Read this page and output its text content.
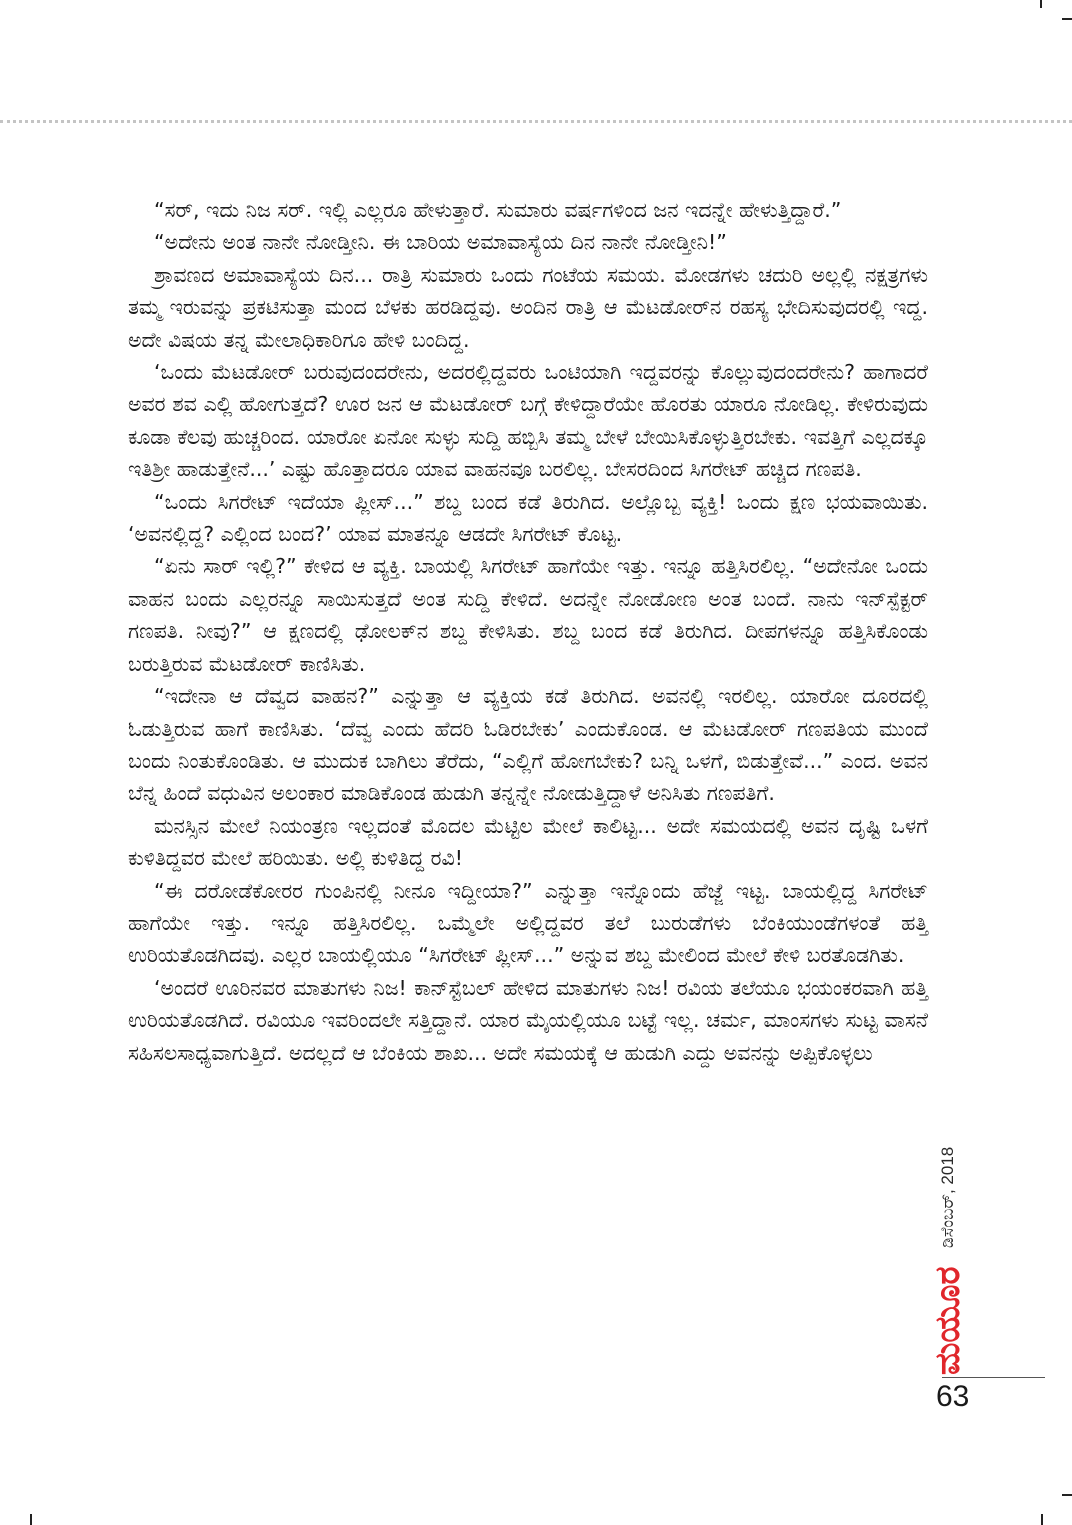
“ಸರ್, ಇದು ನಿಜ ಸರ್. ಇಲ್ಲಿ ಎಲ್ಲರೂ ಹೇಳುತ್ತಾರೆ. ಸುಮಾರು ವರ್ಷಗಳಿಂದ ಜನ ಇದನ್ನೇ ಹೇಳುತ್ತಿದ್ದಾರೆ.”

“ಅದೇನು ಅಂತ ನಾನೇ ನೋಡ್ತೀನಿ. ಈ ಬಾರಿಯ ಅಮಾವಾಸ್ಯೆಯ ದಿನ ನಾನೇ ನೋಡ್ತೀನಿ!”

ಶ್ರಾವಣದ ಅಮಾವಾಸ್ಯೆಯ ದಿನ... ರಾತ್ರಿ ಸುಮಾರು ಒಂದು ಗಂಟೆಯ ಸಮಯ. ಮೋಡಗಳು ಚದುರಿ ಅಲ್ಲಲ್ಲಿ ನಕ್ಷತ್ರಗಳು ತಮ್ಮ ಇರುವನ್ನು ಪ್ರಕಟಿಸುತ್ತಾ ಮಂದ ಬೆಳಕು ಹರಡಿದ್ದವು. ಅಂದಿನ ರಾತ್ರಿ ಆ ಮೆಟಡೋರ್‌ನ ರಹಸ್ಯ ಭೇದಿಸುವುದರಲ್ಲಿ ಇದ್ದ. ಅದೇ ವಿಷಯ ತನ್ನ ಮೇಲಾಧಿಕಾರಿಗೂ ಹೇಳಿ ಬಂದಿದ್ದ.

‘ಒಂದು ಮೆಟಡೋರ್ ಬರುವುದಂದರೇನು, ಅದರಲ್ಲಿದ್ದವರು ಒಂಟಿಯಾಗಿ ಇದ್ದವರನ್ನು ಕೊಲ್ಲುವುದಂದರೇನು? ಹಾಗಾದರೆ ಅವರ ಶವ ಎಲ್ಲಿ ಹೋಗುತ್ತದೆ? ಊರ ಜನ ಆ ಮೆಟಡೋರ್ ಬಗ್ಗೆ ಕೇಳಿದ್ದಾರೆಯೇ ಹೊರತು ಯಾರೂ ನೋಡಿಲ್ಲ. ಕೇಳಿರುವುದು ಕೂಡಾ ಕೆಲವು ಹುಚ್ಚರಿಂದ. ಯಾರೋ ಏನೋ ಸುಳ್ಳು ಸುದ್ದಿ ಹಬ್ಬಿಸಿ ತಮ್ಮ ಬೇಳೆ ಬೇಯಿಸಿಕೊಳ್ಳುತ್ತಿರಬೇಕು. ಇವತ್ತಿಗೆ ಎಲ್ಲದಕ್ಕೂ ಇತಿಶ್ರೀ ಹಾಡುತ್ತೇನೆ...’ ಎಷ್ಟು ಹೊತ್ತಾದರೂ ಯಾವ ವಾಹನವೂ ಬರಲಿಲ್ಲ. ಬೇಸರದಿಂದ ಸಿಗರೇಟ್ ಹಚ್ಚಿದ ಗಣಪತಿ.

“ಒಂದು ಸಿಗರೇಟ್ ಇದೆಯಾ ಪ್ಲೀಸ್...” ಶಬ್ದ ಬಂದ ಕಡೆ ತಿರುಗಿದ. ಅಲ್ಲೊಬ್ಬ ವ್ಯಕ್ತಿ! ಒಂದು ಕ್ಷಣ ಭಯವಾಯಿತು. ‘ಅವನಲ್ಲಿದ್ದ? ಎಲ್ಲಿಂದ ಬಂದ?’ ಯಾವ ಮಾತನ್ನೂ ಆಡದೇ ಸಿಗರೇಟ್ ಕೊಟ್ಟ.

“ಏನು ಸಾರ್ ಇಲ್ಲಿ?” ಕೇಳಿದ ಆ ವ್ಯಕ್ತಿ. ಬಾಯಲ್ಲಿ ಸಿಗರೇಟ್ ಹಾಗೆಯೇ ಇತ್ತು. ಇನ್ನೂ ಹತ್ತಿಸಿರಲಿಲ್ಲ. “ಅದೇನೋ ಒಂದು ವಾಹನ ಬಂದು ಎಲ್ಲರನ್ನೂ ಸಾಯಿಸುತ್ತದೆ ಅಂತ ಸುದ್ದಿ ಕೇಳಿದೆ. ಅದನ್ನೇ ನೋಡೋಣ ಅಂತ ಬಂದೆ. ನಾನು ಇನ್‌ಸ್ಪೆಕ್ಟರ್ ಗಣಪತಿ. ನೀವು?” ಆ ಕ್ಷಣದಲ್ಲಿ ಢೋಲಕ್‌ನ ಶಬ್ದ ಕೇಳಿಸಿತು. ಶಬ್ದ ಬಂದ ಕಡೆ ತಿರುಗಿದ. ದೀಪಗಳನ್ನೂ ಹತ್ತಿಸಿಕೊಂಡು ಬರುತ್ತಿರುವ ಮೆಟಡೋರ್ ಕಾಣಿಸಿತು.

“ಇದೇನಾ ಆ ದೆವ್ವದ ವಾಹನ?” ಎನ್ನುತ್ತಾ ಆ ವ್ಯಕ್ತಿಯ ಕಡೆ ತಿರುಗಿದ. ಅವನಲ್ಲಿ ಇರಲಿಲ್ಲ. ಯಾರೋ ದೂರದಲ್ಲಿ ಓಡುತ್ತಿರುವ ಹಾಗೆ ಕಾಣಿಸಿತು. ‘ದೆವ್ವ ಎಂದು ಹೆದರಿ ಓಡಿರಬೇಕು’ ಎಂದುಕೊಂಡ. ಆ ಮೆಟಡೋರ್ ಗಣಪತಿಯ ಮುಂದೆ ಬಂದು ನಿಂತುಕೊಂಡಿತು. ಆ ಮುದುಕ ಬಾಗಿಲು ತೆರೆದು, “ಎಲ್ಲಿಗೆ ಹೋಗಬೇಕು? ಬನ್ನಿ ಒಳಗೆ, ಬಿಡುತ್ತೇವೆ...” ಎಂದ. ಅವನ ಬೆನ್ನ ಹಿಂದೆ ವಧುವಿನ ಅಲಂಕಾರ ಮಾಡಿಕೊಂಡ ಹುಡುಗಿ ತನ್ನನ್ನೇ ನೋಡುತ್ತಿದ್ದಾಳೆ ಅನಿಸಿತು ಗಣಪತಿಗೆ.

ಮನಸ್ಸಿನ ಮೇಲೆ ನಿಯಂತ್ರಣ ಇಲ್ಲದಂತೆ ಮೊದಲ ಮೆಟ್ಟಿಲ ಮೇಲೆ ಕಾಲಿಟ್ಟ... ಅದೇ ಸಮಯದಲ್ಲಿ ಅವನ ದೃಷ್ಟಿ ಒಳಗೆ ಕುಳಿತಿದ್ದವರ ಮೇಲೆ ಹರಿಯಿತು. ಅಲ್ಲಿ ಕುಳಿತಿದ್ದ ರವಿ!

“ಈ ದರೋಡೆಕೋರರ ಗುಂಪಿನಲ್ಲಿ ನೀನೂ ಇದ್ದೀಯಾ?” ಎನ್ನುತ್ತಾ ಇನ್ನೊಂದು ಹೆಜ್ಜೆ ಇಟ್ಟ. ಬಾಯಲ್ಲಿದ್ದ ಸಿಗರೇಟ್ ಹಾಗೆಯೇ ಇತ್ತು. ಇನ್ನೂ ಹತ್ತಿಸಿರಲಿಲ್ಲ. ಒಮ್ಮೆಲೇ ಅಲ್ಲಿದ್ದವರ ತಲೆ ಬುರುಡೆಗಳು ಬೆಂಕಿಯುಂಡೆಗಳಂತೆ ಹತ್ತಿ ಉರಿಯತೊಡಗಿದವು. ಎಲ್ಲರ ಬಾಯಲ್ಲಿಯೂ “ಸಿಗರೇಟ್ ಪ್ಲೀಸ್...” ಅನ್ನುವ ಶಬ್ದ ಮೇಲಿಂದ ಮೇಲೆ ಕೇಳಿ ಬರತೊಡಗಿತು.

‘ಅಂದರೆ ಊರಿನವರ ಮಾತುಗಳು ನಿಜ! ಕಾನ್‌ಸ್ಟೆಬಲ್ ಹೇಳಿದ ಮಾತುಗಳು ನಿಜ! ರವಿಯ ತಲೆಯೂ ಭಯಂಕರವಾಗಿ ಹತ್ತಿ ಉರಿಯತೊಡಗಿದೆ. ರವಿಯೂ ಇವರಿಂದಲೇ ಸತ್ತಿದ್ದಾನೆ. ಯಾರ ಮೈಯಲ್ಲಿಯೂ ಬಟ್ಟೆ ಇಲ್ಲ. ಚರ್ಮ, ಮಾಂಸಗಳು ಸುಟ್ಟ ವಾಸನೆ ಸಹಿಸಲಸಾಧ್ಯವಾಗುತ್ತಿದೆ. ಅದಲ್ಲದೆ ಆ ಬೆಂಕಿಯ ಶಾಖ... ಅದೇ ಸಮಯಕ್ಕೆ ಆ ಹುಡುಗಿ ಎದ್ದು ಅವನನ್ನು ಅಪ್ಪಿಕೊಳ್ಳಲು

ಡಿಸೆಂಬರ್, 2018
ಮಯೂರ
63
